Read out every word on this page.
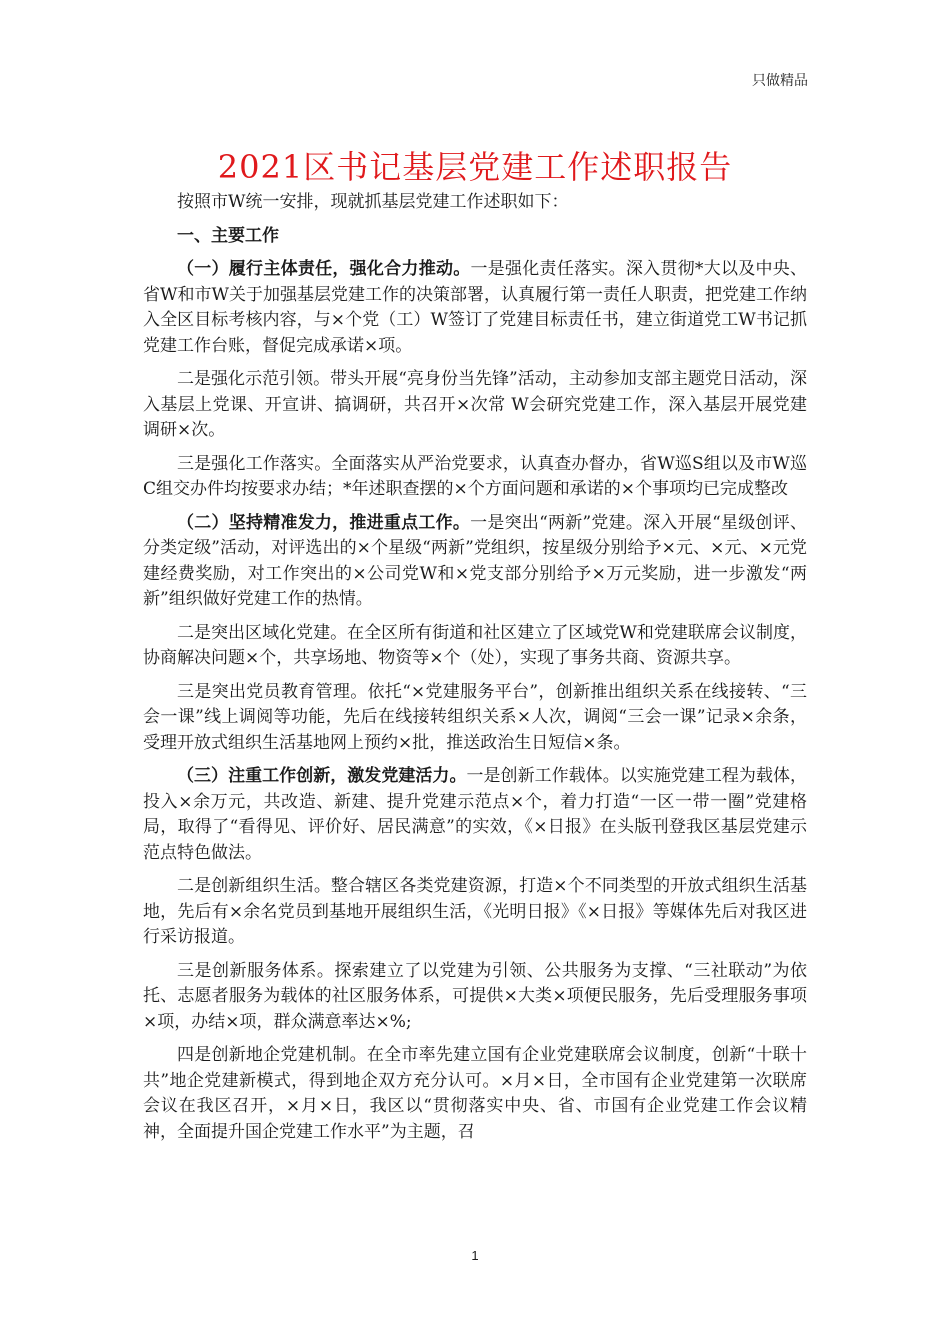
只做精品
2021区书记基层党建工作述职报告

按照市W统一安排，现就抓基层党建工作述职如下：

一、主要工作

（一）履行主体责任，强化合力推动。一是强化责任落实。深入贯彻*大以及中央、省W和市W关于加强基层党建工作的决策部署，认真履行第一责任人职责，把党建工作纳入全区目标考核内容，与×个党（工）W签订了党建目标责任书，建立街道党工W书记抓党建工作台账，督促完成承诺×项。

二是强化示范引领。带头开展“亮身份当先锋”活动，主动参加支部主题党日活动，深入基层上党课、开宣讲、搞调研，共召开×次常 W会研究党建工作，深入基层开展党建调研×次。

三是强化工作落实。全面落实从严治党要求，认真查办督办，省W巡S组以及市W巡C组交办件均按要求办结；*年述职查摆的×个方面问题和承诺的×个事项均已完成整改

（二）坚持精准发力，推进重点工作。一是突出“两新”党建。深入开展“星级创评、分类定级”活动，对评选出的×个星级“两新”党组织，按星级分别给予×元、×元、×元党建经费奖励，对工作突出的×公司党W和×党支部分别给予×万元奖励，进一步激发“两新”组织做好党建工作的热情。

二是突出区域化党建。在全区所有街道和社区建立了区域党W和党建联席会议制度，协商解决问题×个，共享场地、物资等×个（处），实现了事务共商、资源共享。

三是突出党员教育管理。依托“×党建服务平台”，创新推出组织关系在线接转、“三会一课”线上调阅等功能，先后在线接转组织关系×人次，调阅“三会一课”记录×余条，受理开放式组织生活基地网上预约×批，推送政治生日短信×条。

（三）注重工作创新，激发党建活力。一是创新工作载体。以实施党建工程为载体，投入×余万元，共改造、新建、提升党建示范点×个，着力打造“一区一带一圈”党建格局，取得了“看得见、评价好、居民满意”的实效，《×日报》在头版刊登我区基层党建示范点特色做法。

二是创新组织生活。整合辖区各类党建资源，打造×个不同类型的开放式组织生活基地，先后有×余名党员到基地开展组织生活，《光明日报》《×日报》等媒体先后对我区进行采访报道。

三是创新服务体系。探索建立了以党建为引领、公共服务为支撑、“三社联动”为依托、志愿者服务为载体的社区服务体系，可提供×大类×项便民服务，先后受理服务事项×项，办结×项，群众满意率达×%;

四是创新地企党建机制。在全市率先建立国有企业党建联席会议制度，创新“十联十共”地企党建新模式，得到地企双方充分认可。×月×日，全市国有企业党建第一次联席会议在我区召开，×月×日，我区以“贯彻落实中央、省、市国有企业党建工作会议精神，全面提升国企党建工作水平”为主题，召

1
